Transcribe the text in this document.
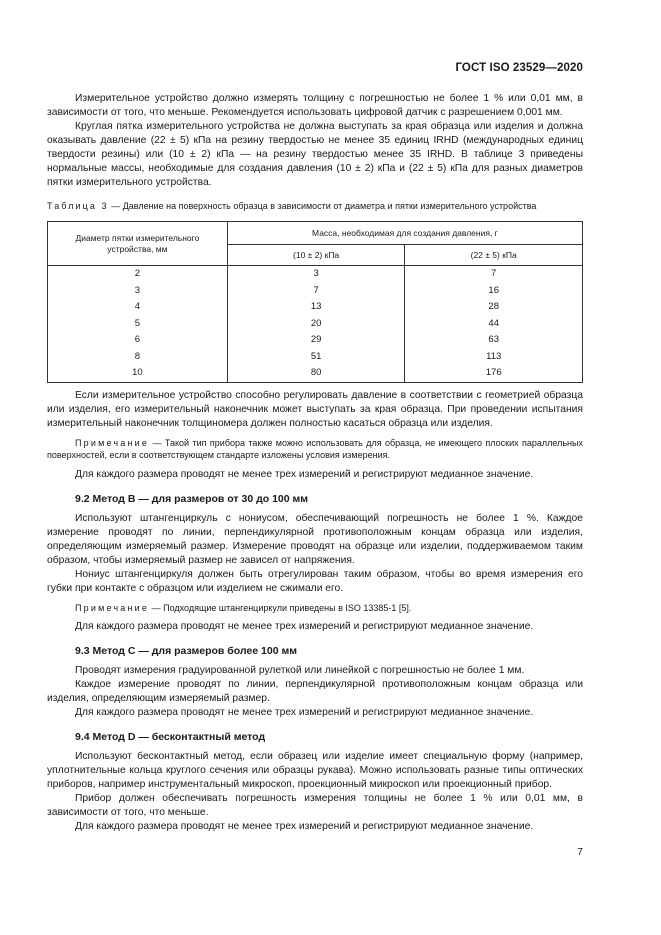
ГОСТ ISO 23529—2020

Измерительное устройство должно измерять толщину с погрешностью не более 1 % или 0,01 мм, в зависимости от того, что меньше. Рекомендуется использовать цифровой датчик с разрешением 0,001 мм.

Круглая пятка измерительного устройства не должна выступать за края образца или изделия и должна оказывать давление (22 ± 5) кПа на резину твердостью не менее 35 единиц IRHD (международных единиц твердости резины) или (10 ± 2) кПа — на резину твердостью менее 35 IRHD. В таблице 3 приведены нормальные массы, необходимые для создания давления (10 ± 2) кПа и (22 ± 5) кПа для разных диаметров пятки измерительного устройства.

Таблица 3 — Давление на поверхность образца в зависимости от диаметра и пятки измерительного устройства
Диаметр пятки измерительного устройства, мм	Масса, необходимая для создания давления, г	
	(10 ± 2) кПа	(22 ± 5) кПа
2	3	7
3	7	16
4	13	28
5	20	44
6	29	63
8	51	113
10	80	176

Если измерительное устройство способно регулировать давление в соответствии с геометрией образца или изделия, его измерительный наконечник может выступать за края образца. При проведении испытания измерительный наконечник толщиномера должен полностью касаться образца или изделия.

Примечание — Такой тип прибора также можно использовать для образца, не имеющего плоских параллельных поверхностей, если в соответствующем стандарте изложены условия измерения.

Для каждого размера проводят не менее трех измерений и регистрируют медианное значение.

9.2 Метод B — для размеров от 30 до 100 мм

Используют штангенциркуль с нониусом, обеспечивающий погрешность не более 1 %. Каждое измерение проводят по линии, перпендикулярной противоположным концам образца или изделия, определяющим измеряемый размер. Измерение проводят на образце или изделии, поддерживаемом таким образом, чтобы измеряемый размер не зависел от напряжения.

Нониус штангенциркуля должен быть отрегулирован таким образом, чтобы во время измерения его губки при контакте с образцом или изделием не сжимали его.

Примечание — Подходящие штангенциркули приведены в ISO 13385-1 [5].

Для каждого размера проводят не менее трех измерений и регистрируют медианное значение.

9.3 Метод C — для размеров более 100 мм

Проводят измерения градуированной рулеткой или линейкой с погрешностью не более 1 мм.

Каждое измерение проводят по линии, перпендикулярной противоположным концам образца или изделия, определяющим измеряемый размер.

Для каждого размера проводят не менее трех измерений и регистрируют медианное значение.

9.4 Метод D — бесконтактный метод

Используют бесконтактный метод, если образец или изделие имеет специальную форму (например, уплотнительные кольца круглого сечения или образцы рукава). Можно использовать разные типы оптических приборов, например инструментальный микроскоп, проекционный микроскоп или проекционный прибор.

Прибор должен обеспечивать погрешность измерения толщины не более 1 % или 0,01 мм, в зависимости от того, что меньше.

Для каждого размера проводят не менее трех измерений и регистрируют медианное значение.

7
